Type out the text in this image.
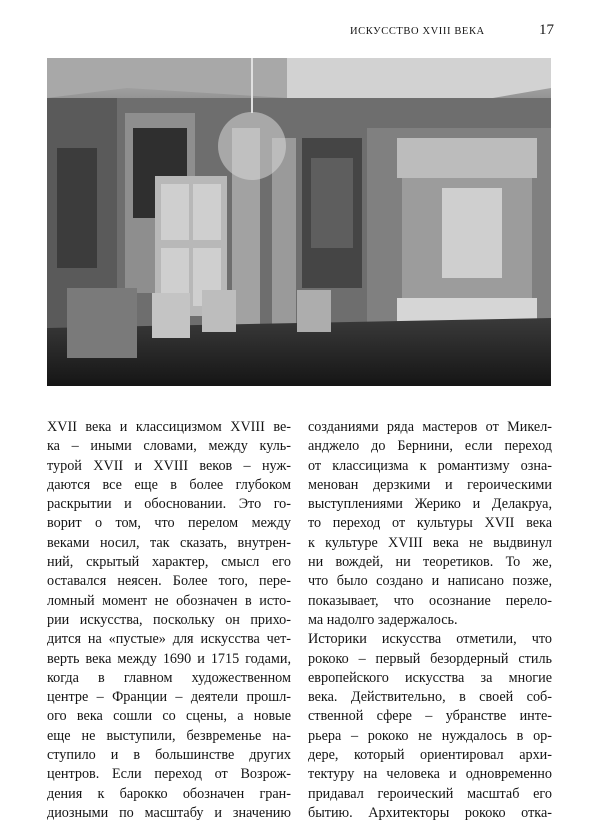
ИСКУССТВО XVIII ВЕКА	17
XVII века и классицизмом XVIII ве-
ка – иными словами, между куль-
турой XVII и XVIII веков – нуж-
даются все еще в более глубоком
раскрытии и обосновании. Это го-
ворит о том, что перелом между
веками носил, так сказать, внутрен-
ний, скрытый характер, смысл его
оставался неясен. Более того, пере-
ломный момент не обозначен в исто-
рии искусства, поскольку он прихо-
дится на «пустые» для искусства чет-
верть века между 1690 и 1715 годами,
когда в главном художественном
центре – Франции – деятели прошл-
ого века сошли со сцены, а новые
еще не выступили, безвременье на-
ступило и в большинстве других
центров. Если переход от Возрож-
дения к барокко обозначен гран-
диозными по масштабу и значению
созданиями ряда мастеров от Микел-
анджело до Бернини, если переход
от классицизма к романтизму озна-
менован дерзкими и героическими
выступлениями Жерико и Делакруа,
то переход от культуры XVII века
к культуре XVIII века не выдвинул
ни вождей, ни теоретиков. То же,
что было создано и написано позже,
показывает, что осознание перело-
ма надолго задержалось.
Историки искусства отметили, что
рококо – первый безордерный стиль
европейского искусства за многие
века. Действительно, в своей соб-
ственной сфере – убранстве инте-
рьера – рококо не нуждалось в ор-
дере, который ориентировал архи-
тектуру на человека и одновременно
придавал героический масштаб его
бытию. Архитекторы рококо отка-
